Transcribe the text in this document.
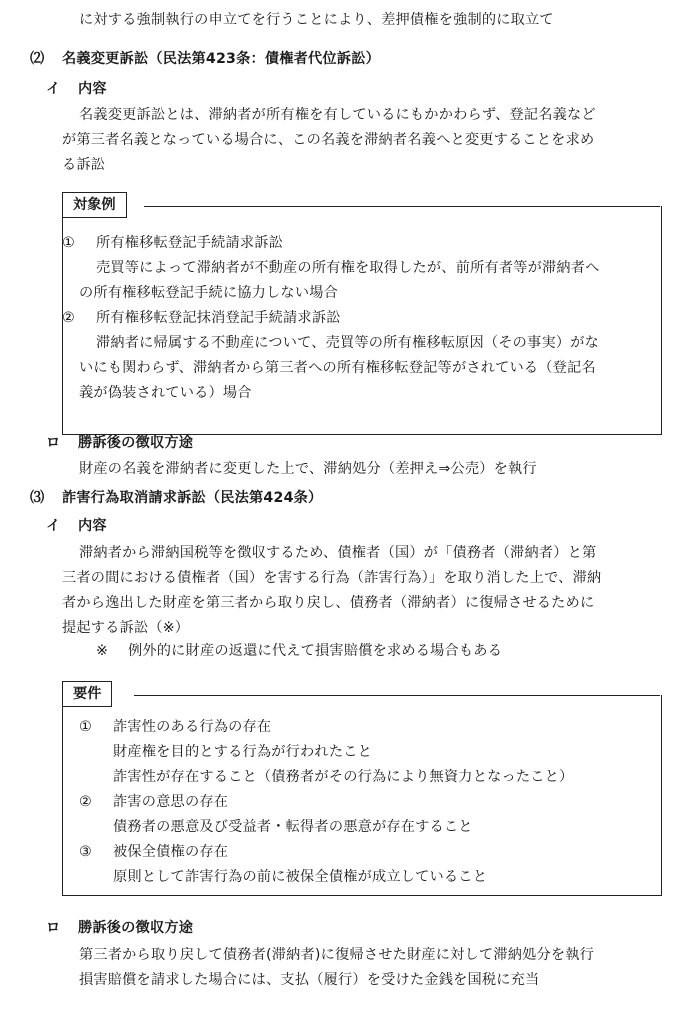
に対する強制執行の申立てを行うことにより、差押債権を強制的に取立て
⑵ 名義変更訴訟（民法第423条：債権者代位訴訟）
イ 内容
名義変更訴訟とは、滞納者が所有権を有しているにもかかわらず、登記名義など
が第三者名義となっている場合に、この名義を滞納者名義へと変更することを求め
る訴訟
対象例
① 所有権移転登記手続請求訴訟
売買等によって滞納者が不動産の所有権を取得したが、前所有者等が滞納者へ
の所有権移転登記手続に協力しない場合
② 所有権移転登記抹消登記手続請求訴訟
滞納者に帰属する不動産について、売買等の所有権移転原因（その事実）がな
いにも関わらず、滞納者から第三者への所有権移転登記等がされている（登記名
義が偽装されている）場合
ロ 勝訴後の徴収方途
財産の名義を滞納者に変更した上で、滞納処分（差押え⇒公売）を執行
⑶ 詐害行為取消請求訴訟（民法第424条）
イ 内容
滞納者から滞納国税等を徴収するため、債権者（国）が「債務者（滞納者）と第
三者の間における債権者（国）を害する行為（詐害行為）」を取り消した上で、滞納
者から逸出した財産を第三者から取り戻し、債務者（滞納者）に復帰させるために
提起する訴訟（※）
※ 例外的に財産の返還に代えて損害賠償を求める場合もある
要件
① 詐害性のある行為の存在
財産権を目的とする行為が行われたこと
詐害性が存在すること（債務者がその行為により無資力となったこと）
② 詐害の意思の存在
債務者の悪意及び受益者・転得者の悪意が存在すること
③ 被保全債権の存在
原則として詐害行為の前に被保全債権が成立していること
ロ 勝訴後の徴収方途
第三者から取り戻して債務者(滞納者)に復帰させた財産に対して滞納処分を執行
損害賠償を請求した場合には、支払（履行）を受けた金銭を国税に充当
